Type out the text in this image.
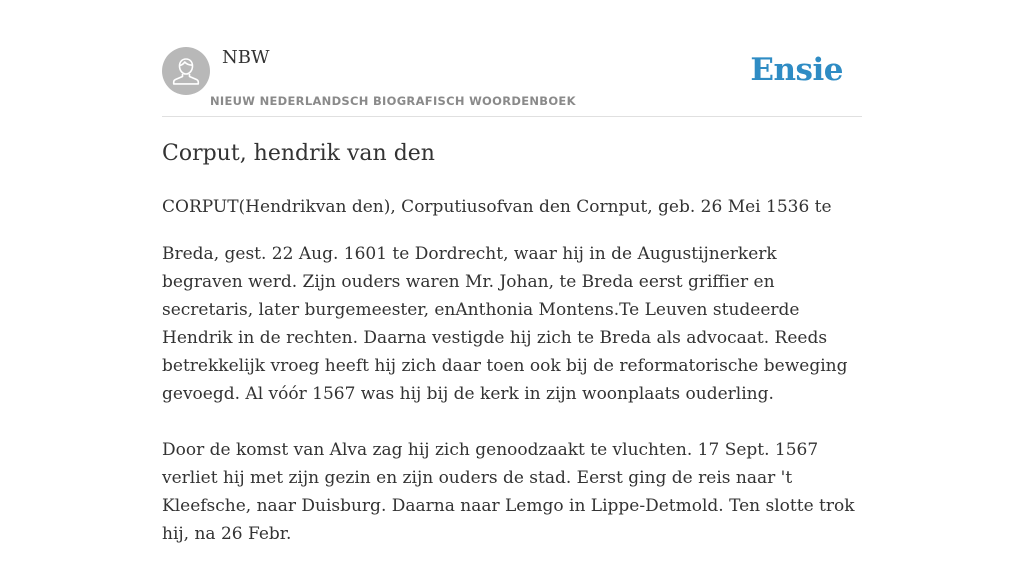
NBW
NIEUW NEDERLANDSCH BIOGRAFISCH WOORDENBOEK
Ensie
Corput, hendrik van den
CORPUT(Hendrikvan den), Corputiusofvan den Cornput, geb. 26 Mei 1536 te

Breda, gest. 22 Aug. 1601 te Dordrecht, waar hij in de Augustijnerkerk begraven werd. Zijn ouders waren Mr. Johan, te Breda eerst griffier en secretaris, later burgemeester, enAnthonia Montens.Te Leuven studeerde Hendrik in de rechten. Daarna vestigde hij zich te Breda als advocaat. Reeds betrekkelijk vroeg heeft hij zich daar toen ook bij de reformatorische beweging gevoegd. Al vóór 1567 was hij bij de kerk in zijn woonplaats ouderling.

Door de komst van Alva zag hij zich genoodzaakt te vluchten. 17 Sept. 1567 verliet hij met zijn gezin en zijn ouders de stad. Eerst ging de reis naar 't Kleefsche, naar Duisburg. Daarna naar Lemgo in Lippe-Detmold. Ten slotte trok hij, na 26 Febr.
